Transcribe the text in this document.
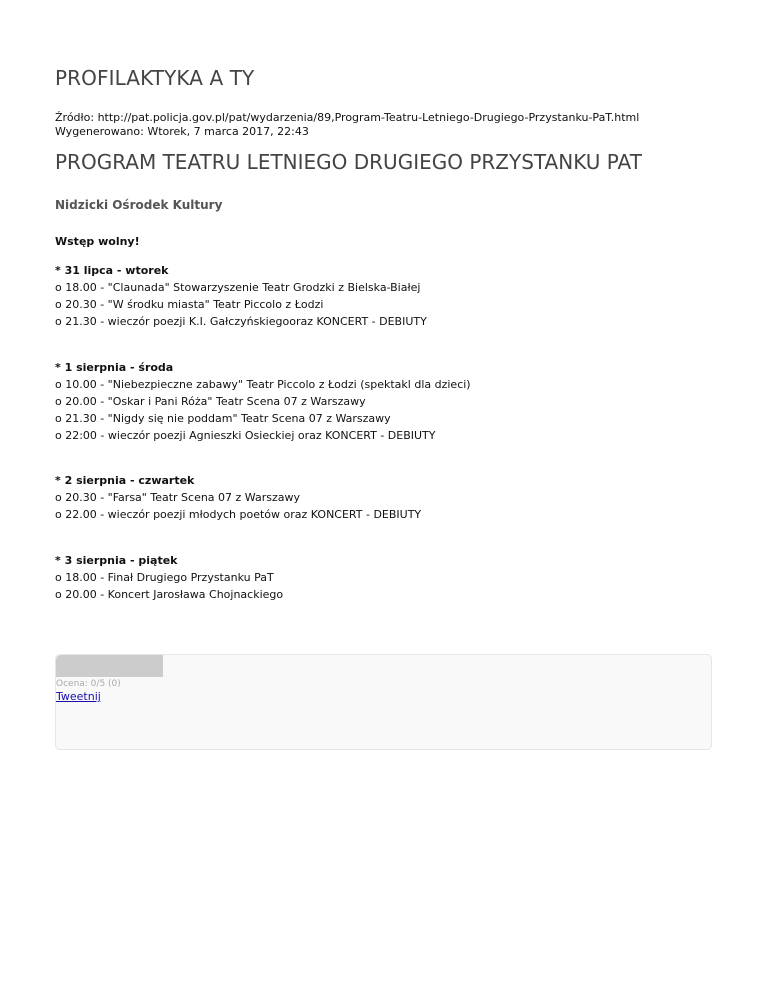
PROFILAKTYKA A TY
Źródło: http://pat.policja.gov.pl/pat/wydarzenia/89,Program-Teatru-Letniego-Drugiego-Przystanku-PaT.html
Wygenerowano: Wtorek, 7 marca 2017, 22:43
PROGRAM TEATRU LETNIEGO DRUGIEGO PRZYSTANKU PAT
Nidzicki Ośrodek Kultury
Wstęp wolny!
* 31 lipca - wtorek
o 18.00 - "Claunada" Stowarzyszenie Teatr Grodzki z Bielska-Białej
o 20.30 - "W środku miasta" Teatr Piccolo z Łodzi
o 21.30 - wieczór poezji K.I. Gałczyńskiegooraz KONCERT - DEBIUTY
* 1 sierpnia - środa
o 10.00 - "Niebezpieczne zabawy" Teatr Piccolo z Łodzi (spektakl dla dzieci)
o 20.00 - "Oskar i Pani Róża" Teatr Scena 07 z Warszawy
o 21.30 - "Nigdy się nie poddam" Teatr Scena 07 z Warszawy
o 22:00 - wieczór poezji Agnieszki Osieckiej oraz KONCERT - DEBIUTY
* 2 sierpnia - czwartek
o 20.30 - "Farsa" Teatr Scena 07 z Warszawy
o 22.00 - wieczór poezji młodych poetów oraz KONCERT - DEBIUTY
* 3 sierpnia - piątek
o 18.00 - Finał Drugiego Przystanku PaT
o 20.00 - Koncert Jarosława Chojnackiego
Ocena: 0/5 (0)
Tweetnij
